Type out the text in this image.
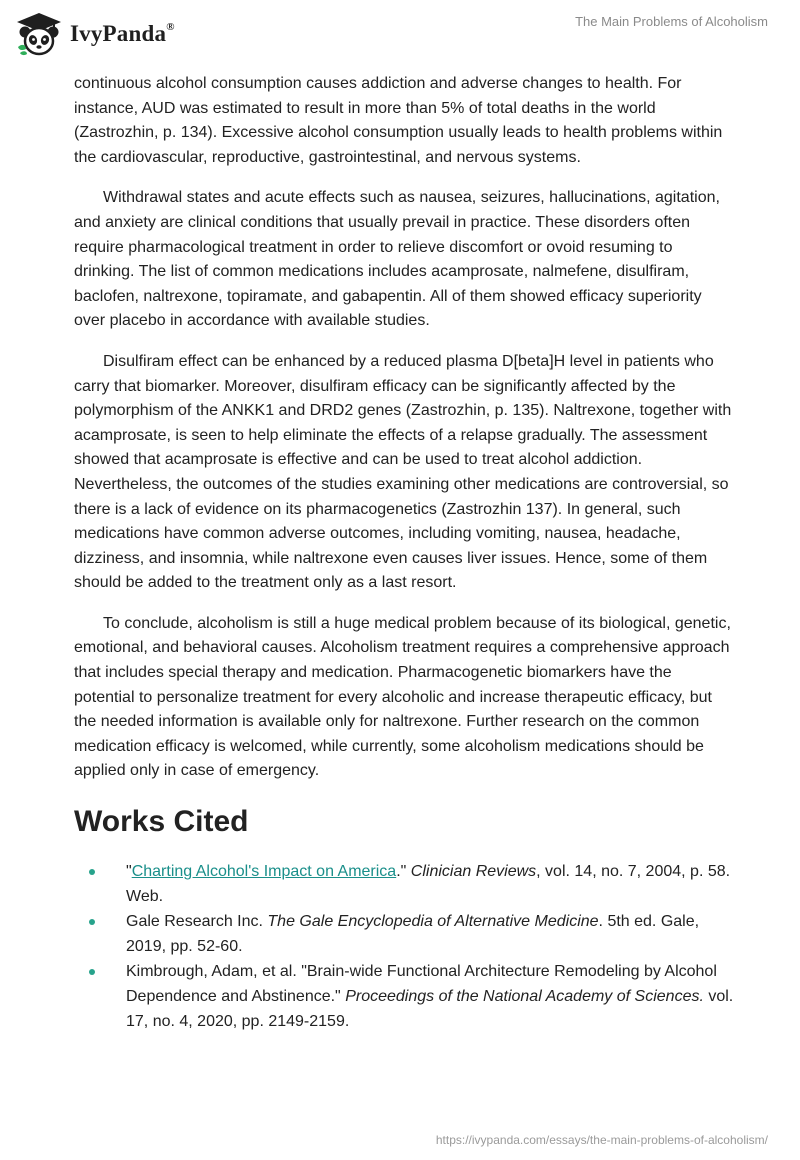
IvyPanda®	The Main Problems of Alcoholism

continuous alcohol consumption causes addiction and adverse changes to health. For instance, AUD was estimated to result in more than 5% of total deaths in the world (Zastrozhin, p. 134). Excessive alcohol consumption usually leads to health problems within the cardiovascular, reproductive, gastrointestinal, and nervous systems.

Withdrawal states and acute effects such as nausea, seizures, hallucinations, agitation, and anxiety are clinical conditions that usually prevail in practice. These disorders often require pharmacological treatment in order to relieve discomfort or ovoid resuming to drinking. The list of common medications includes acamprosate, nalmefene, disulfiram, baclofen, naltrexone, topiramate, and gabapentin. All of them showed efficacy superiority over placebo in accordance with available studies.

Disulfiram effect can be enhanced by a reduced plasma D[beta]H level in patients who carry that biomarker. Moreover, disulfiram efficacy can be significantly affected by the polymorphism of the ANKK1 and DRD2 genes (Zastrozhin, p. 135). Naltrexone, together with acamprosate, is seen to help eliminate the effects of a relapse gradually. The assessment showed that acamprosate is effective and can be used to treat alcohol addiction. Nevertheless, the outcomes of the studies examining other medications are controversial, so there is a lack of evidence on its pharmacogenetics (Zastrozhin 137). In general, such medications have common adverse outcomes, including vomiting, nausea, headache, dizziness, and insomnia, while naltrexone even causes liver issues. Hence, some of them should be added to the treatment only as a last resort.

To conclude, alcoholism is still a huge medical problem because of its biological, genetic, emotional, and behavioral causes. Alcoholism treatment requires a comprehensive approach that includes special therapy and medication. Pharmacogenetic biomarkers have the potential to personalize treatment for every alcoholic and increase therapeutic efficacy, but the needed information is available only for naltrexone. Further research on the common medication efficacy is welcomed, while currently, some alcoholism medications should be applied only in case of emergency.

Works Cited
"Charting Alcohol's Impact on America." Clinician Reviews, vol. 14, no. 7, 2004, p. 58. Web.
Gale Research Inc. The Gale Encyclopedia of Alternative Medicine. 5th ed. Gale, 2019, pp. 52-60.
Kimbrough, Adam, et al. "Brain-wide Functional Architecture Remodeling by Alcohol Dependence and Abstinence." Proceedings of the National Academy of Sciences. vol. 17, no. 4, 2020, pp. 2149-2159.
https://ivypanda.com/essays/the-main-problems-of-alcoholism/
